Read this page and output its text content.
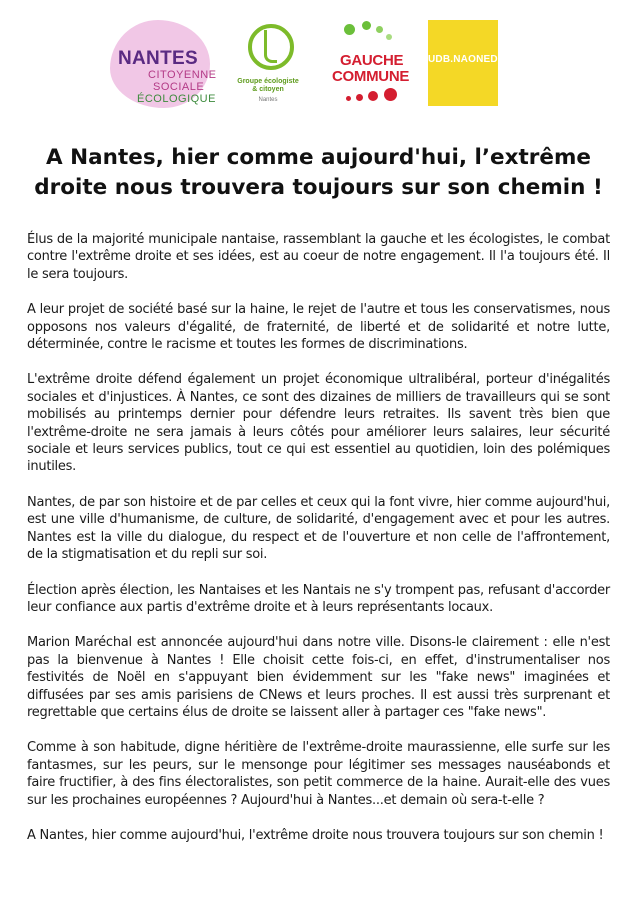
NANTES
CITOYENNE
SOCIALE
ÉCOLOGIQUE
Groupe écologiste
& citoyen
Nantes
GAUCHE
COMMUNE
UDB.NAONED+
A Nantes, hier comme aujourd'hui, l’extrême droite nous trouvera toujours sur son chemin !

Élus de la majorité municipale nantaise, rassemblant la gauche et les écologistes, le combat contre l'extrême droite et ses idées, est au coeur de notre engagement. Il l'a toujours été. Il le sera toujours.

A leur projet de société basé sur la haine, le rejet de l'autre et tous les conservatismes, nous opposons nos valeurs d'égalité, de fraternité, de liberté et de solidarité et notre lutte, déterminée, contre le racisme et toutes les formes de discriminations.

L'extrême droite défend également un projet économique ultralibéral, porteur d'inégalités sociales et d'injustices. À Nantes, ce sont des dizaines de milliers de travailleurs qui se sont mobilisés au printemps dernier pour défendre leurs retraites. Ils savent très bien que l'extrême-droite ne sera jamais à leurs côtés pour améliorer leurs salaires, leur sécurité sociale et leurs services publics, tout ce qui est essentiel au quotidien, loin des polémiques inutiles.

Nantes, de par son histoire et de par celles et ceux qui la font vivre, hier comme aujourd'hui, est une ville d'humanisme, de culture, de solidarité, d'engagement avec et pour les autres. Nantes est la ville du dialogue, du respect et de l'ouverture et non celle de l'affrontement, de la stigmatisation et du repli sur soi.

Élection après élection, les Nantaises et les Nantais ne s'y trompent pas, refusant d'accorder leur confiance aux partis d'extrême droite et à leurs représentants locaux.

Marion Maréchal est annoncée aujourd'hui dans notre ville. Disons-le clairement : elle n'est pas la bienvenue à Nantes ! Elle choisit cette fois-ci, en effet, d'instrumentaliser nos festivités de Noël en s'appuyant bien évidemment sur les "fake news" imaginées et diffusées par ses amis parisiens de CNews et leurs proches. Il est aussi très surprenant et regrettable que certains élus de droite se laissent aller à partager ces "fake news".

Comme à son habitude, digne héritière de l'extrême-droite maurassienne, elle surfe sur les fantasmes, sur les peurs, sur le mensonge pour légitimer ses messages nauséabonds et faire fructifier, à des fins électoralistes, son petit commerce de la haine. Aurait-elle des vues sur les prochaines européennes ? Aujourd'hui à Nantes...et demain où sera-t-elle ?

A Nantes, hier comme aujourd'hui, l'extrême droite nous trouvera toujours sur son chemin !
